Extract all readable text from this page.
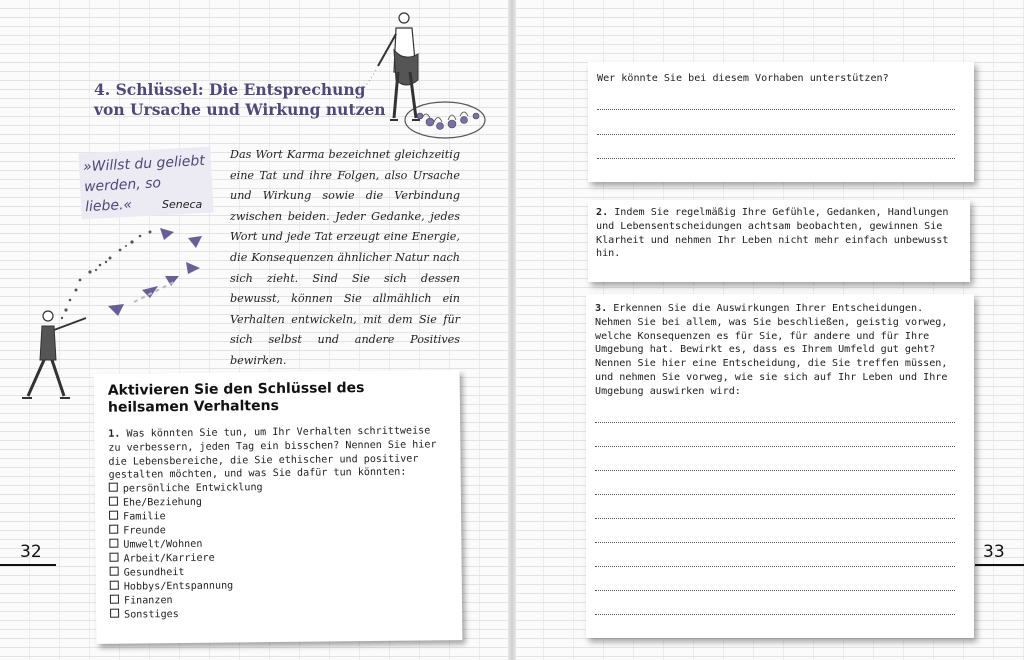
4. Schlüssel: Die Entsprechung
von Ursache und Wirkung nutzen
»Willst du geliebt werden, so liebe.«	Seneca

Das Wort Karma bezeichnet gleichzeitig eine Tat und ihre Folgen, also Ursache und Wirkung sowie die Verbindung zwischen beiden. Jeder Gedanke, jedes Wort und jede Tat erzeugt eine Energie, die Konsequenzen ähnlicher Natur nach sich zieht. Sind Sie sich dessen bewusst, können Sie allmählich ein Verhalten entwickeln, mit dem Sie für sich selbst und andere Positives bewirken.

Aktivieren Sie den Schlüssel des heilsamen Verhaltens

1. Was könnten Sie tun, um Ihr Verhalten schrittweise zu verbessern, jeden Tag ein bisschen? Nennen Sie hier die Lebensbereiche, die Sie ethischer und positiver gestalten möchten, und was Sie dafür tun könnten:

persönliche Entwicklung
Ehe/Beziehung
Familie
Freunde
Umwelt/Wohnen
Arbeit/Karriere
Gesundheit
Hobbys/Entspannung
Finanzen
Sonstiges
32

Wer könnte Sie bei diesem Vorhaben unterstützen?

2. Indem Sie regelmäßig Ihre Gefühle, Gedanken, Handlungen und Lebensentscheidungen achtsam beobachten, gewinnen Sie Klarheit und nehmen Ihr Leben nicht mehr einfach unbewusst hin.

3. Erkennen Sie die Auswirkungen Ihrer Entscheidungen. Nehmen Sie bei allem, was Sie beschließen, geistig vorweg, welche Konsequenzen es für Sie, für andere und für Ihre Umgebung hat. Bewirkt es, dass es Ihrem Umfeld gut geht?

Nennen Sie hier eine Entscheidung, die Sie treffen müssen, und nehmen Sie vorweg, wie sie sich auf Ihr Leben und Ihre Umgebung auswirken wird:

33
